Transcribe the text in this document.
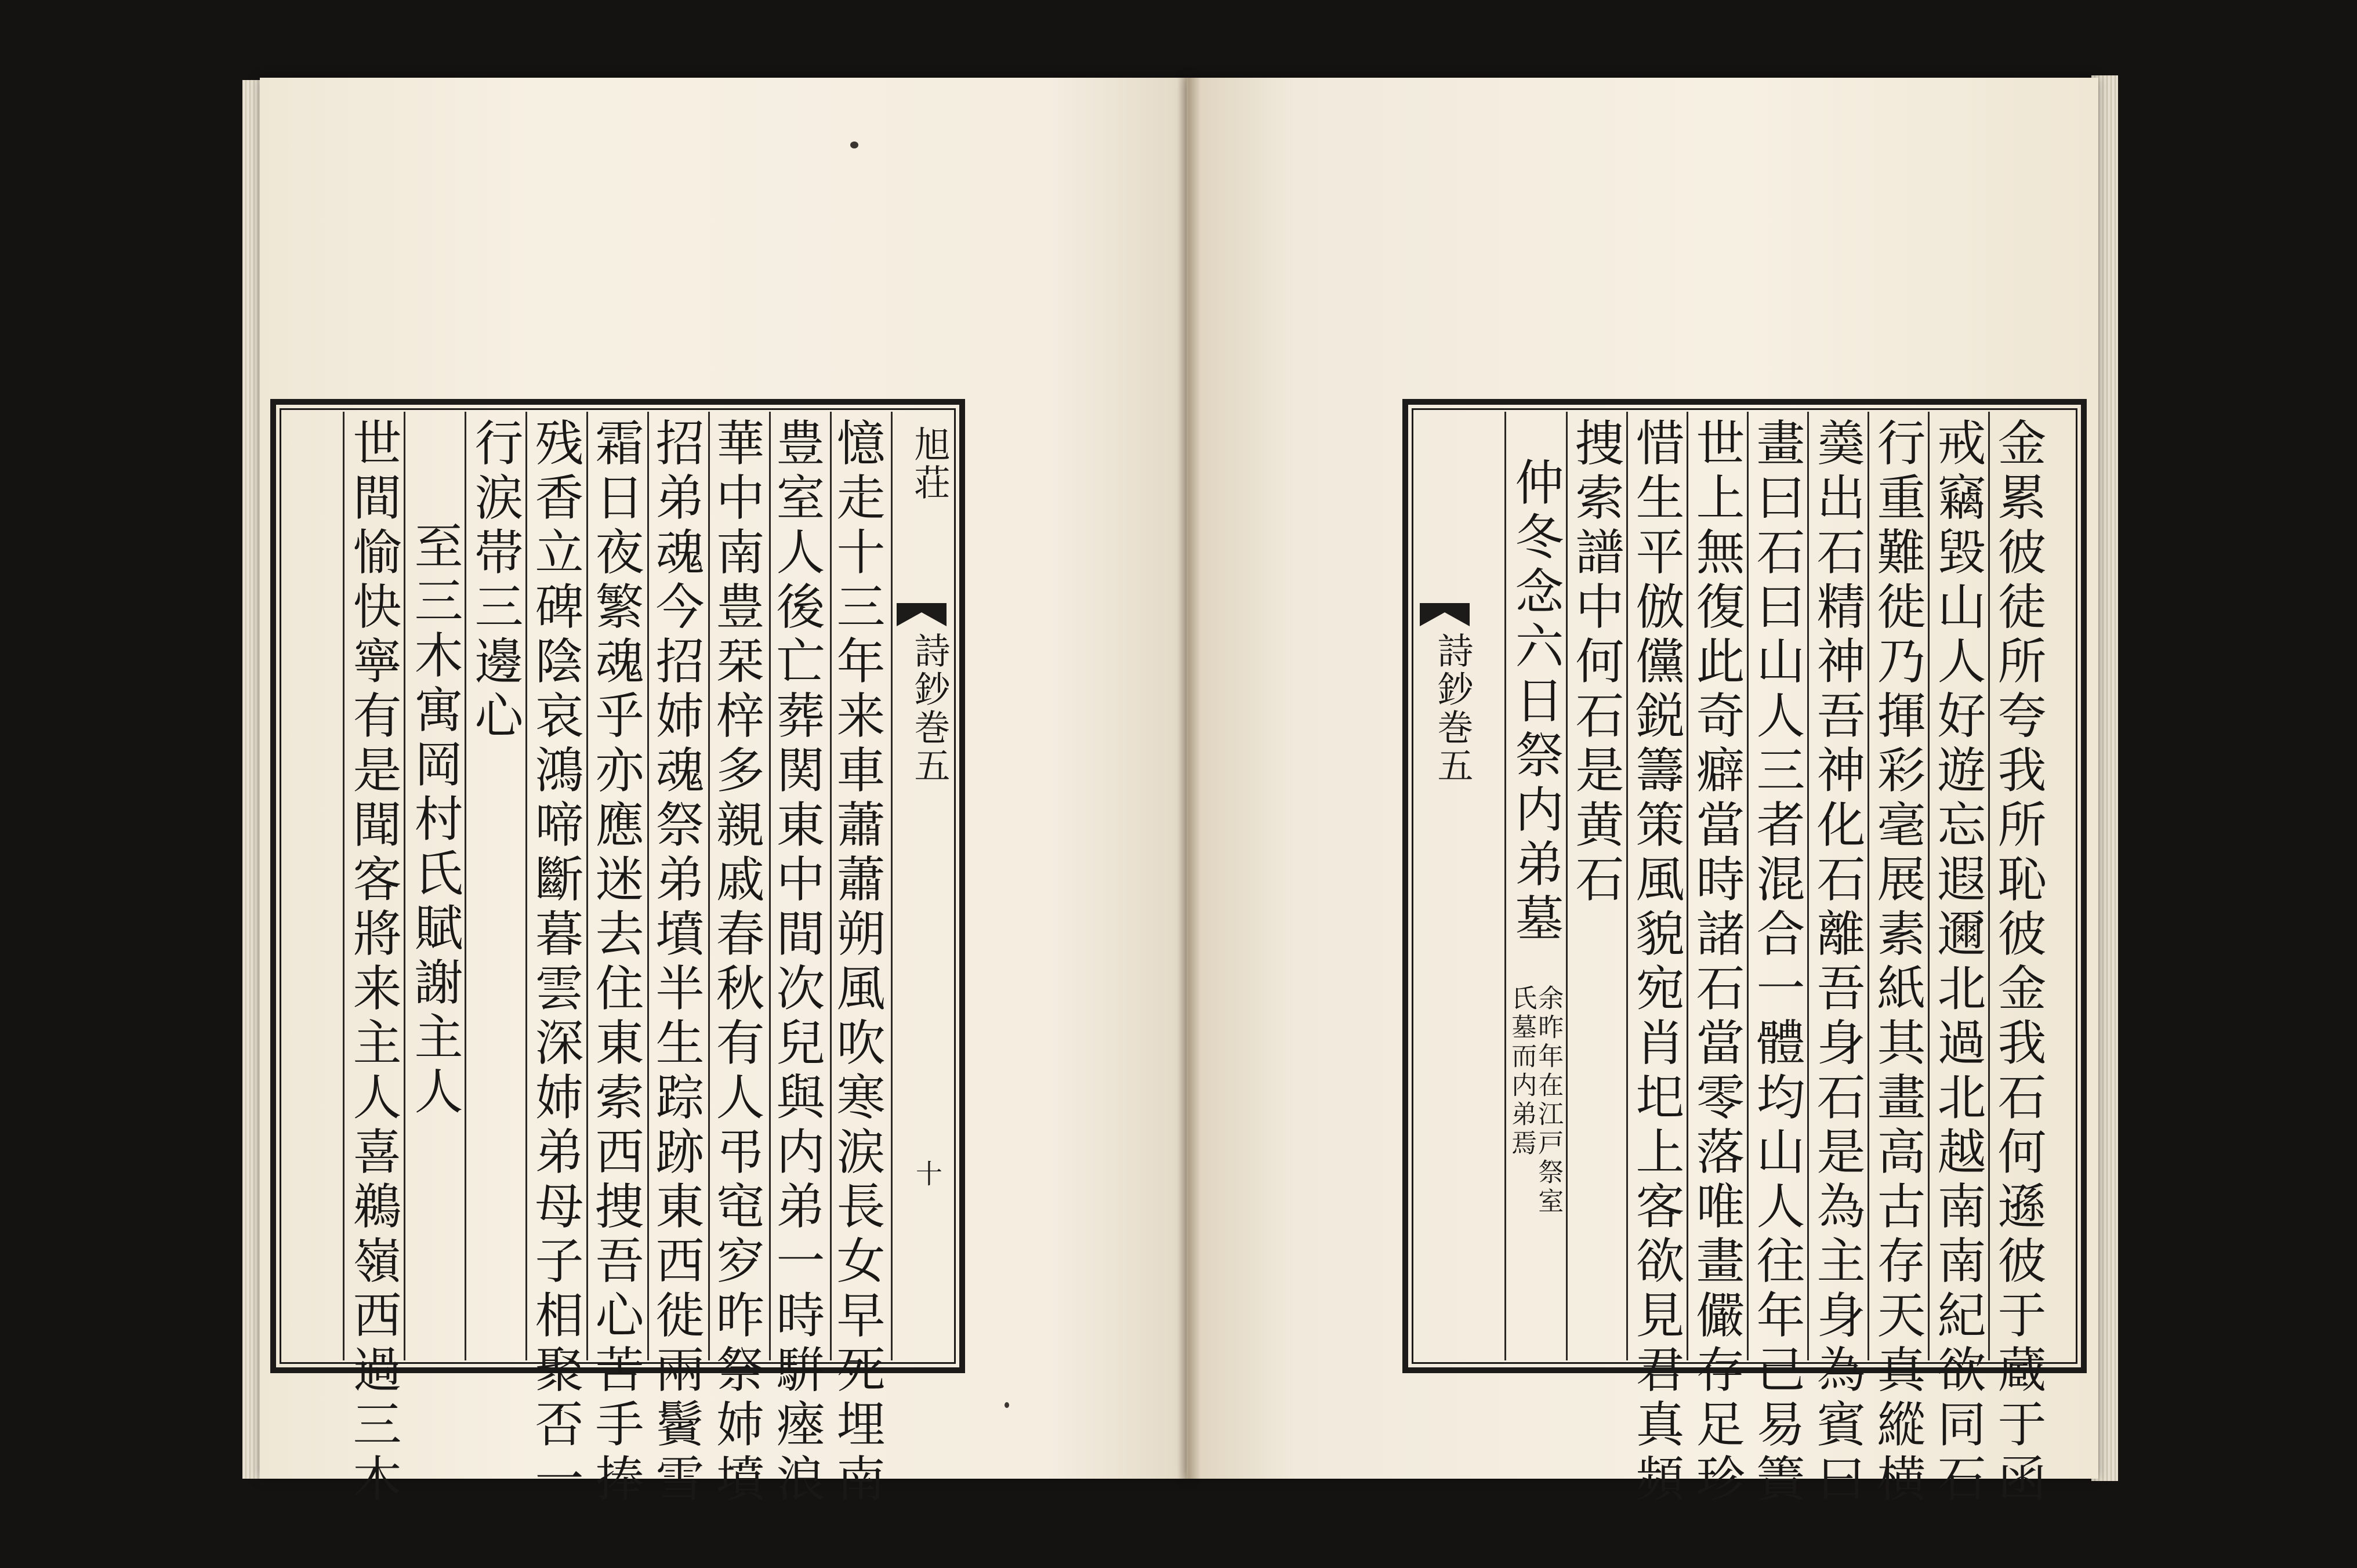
旭荘
詩鈔巻五
十
憶走十三年来車蕭蕭朔風吹寒涙長女早死埋南
豊室人後亡葬関東中間次兒與内弟一時騈瘞浪
華中南豊栞梓多親戚春秋有人弔窀穸昨祭姉墳
招弟魂今招姉魂祭弟墳半生踪跡東西徙兩鬢雪
霜日夜繁魂乎亦應迷去住東索西捜吾心苦手捧
残香立碑陰哀鴻啼斷暮雲深姉弟母子相聚否一
行涙帯三邊心
至三木寓岡村氏賦謝主人
世間愉快寧有是聞客將来主人喜鵜嶺西過三木	詩鈔巻五	金累彼徒所夸我所恥彼金我石何遜彼于蔵于函
戒竊毀山人好遊忘遐邇北過北越南南紀欲同石
行重難徙乃揮彩毫展素紙其畫高古存天真縱横
羮出石精神吾神化石離吾身石是為主身為賓曰
畫曰石曰山人三者混合一體均山人往年己易簀
世上無復此奇癖當時諸石當零落唯畫儼存足珍
惜生平倣儻鋭籌策風貌宛肖圯上客欲見君真頻
捜索譜中何石是黄石
仲冬念六日祭内弟墓
余昨年在江戸祭室
氏墓而内弟焉
